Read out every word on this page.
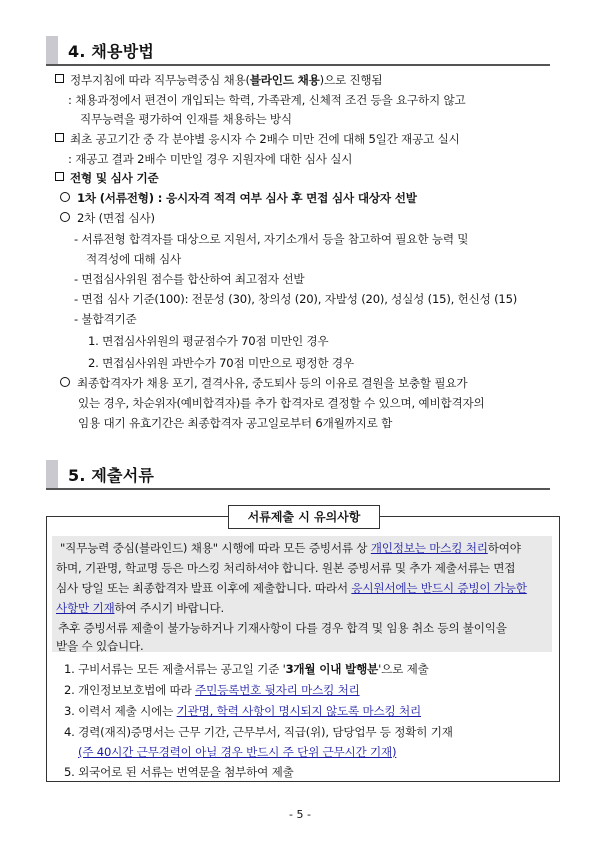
4. 채용방법
정부지침에 따라 직무능력중심 채용(블라인드 채용)으로 진행됨
: 채용과정에서 편견이 개입되는 학력, 가족관계, 신체적 조건 등을 요구하지 않고
직무능력을 평가하여 인재를 채용하는 방식
최초 공고기간 중 각 분야별 응시자 수 2배수 미만 건에 대해 5일간 재공고 실시
: 재공고 결과 2배수 미만일 경우 지원자에 대한 심사 실시
전형 및 심사 기준
1차 (서류전형) : 응시자격 적격 여부 심사 후 면접 심사 대상자 선발
2차 (면접 심사)
- 서류전형 합격자를 대상으로 지원서, 자기소개서 등을 참고하여 필요한 능력 및
적격성에 대해 심사
- 면접심사위원 점수를 합산하여 최고점자 선발
- 면접 심사 기준(100): 전문성 (30), 창의성 (20), 자발성 (20), 성실성 (15), 헌신성 (15)
- 불합격기준
1. 면접심사위원의 평균점수가 70점 미만인 경우
2. 면접심사위원 과반수가 70점 미만으로 평정한 경우
최종합격자가 채용 포기, 결격사유, 중도퇴사 등의 이유로 결원을 보충할 필요가
있는 경우, 차순위자(예비합격자)를 추가 합격자로 결정할 수 있으며, 예비합격자의
임용 대기 유효기간은 최종합격자 공고일로부터 6개월까지로 함
5. 제출서류
서류제출 시 유의사항
"직무능력 중심(블라인드) 채용" 시행에 따라 모든 증빙서류 상 개인정보는 마스킹 처리하여야
하며, 기관명, 학교명 등은 마스킹 처리하셔야 합니다. 원본 증빙서류 및 추가 제출서류는 면접
심사 당일 또는 최종합격자 발표 이후에 제출합니다. 따라서 응시원서에는 반드시 증빙이 가능한
사항만 기재하여 주시기 바랍니다.
추후 증빙서류 제출이 불가능하거나 기재사항이 다를 경우 합격 및 임용 취소 등의 불이익을
받을 수 있습니다.
1. 구비서류는 모든 제출서류는 공고일 기준 '3개월 이내 발행분'으로 제출
2. 개인정보보호법에 따라 주민등록번호 뒷자리 마스킹 처리
3. 이력서 제출 시에는 기관명, 학력 사항이 명시되지 않도록 마스킹 처리
4. 경력(재직)증명서는 근무 기간, 근무부서, 직급(위), 담당업무 등 정확히 기재
(주 40시간 근무경력이 아닐 경우 반드시 주 단위 근무시간 기재)
5. 외국어로 된 서류는 번역문을 첨부하여 제출
- 5 -
